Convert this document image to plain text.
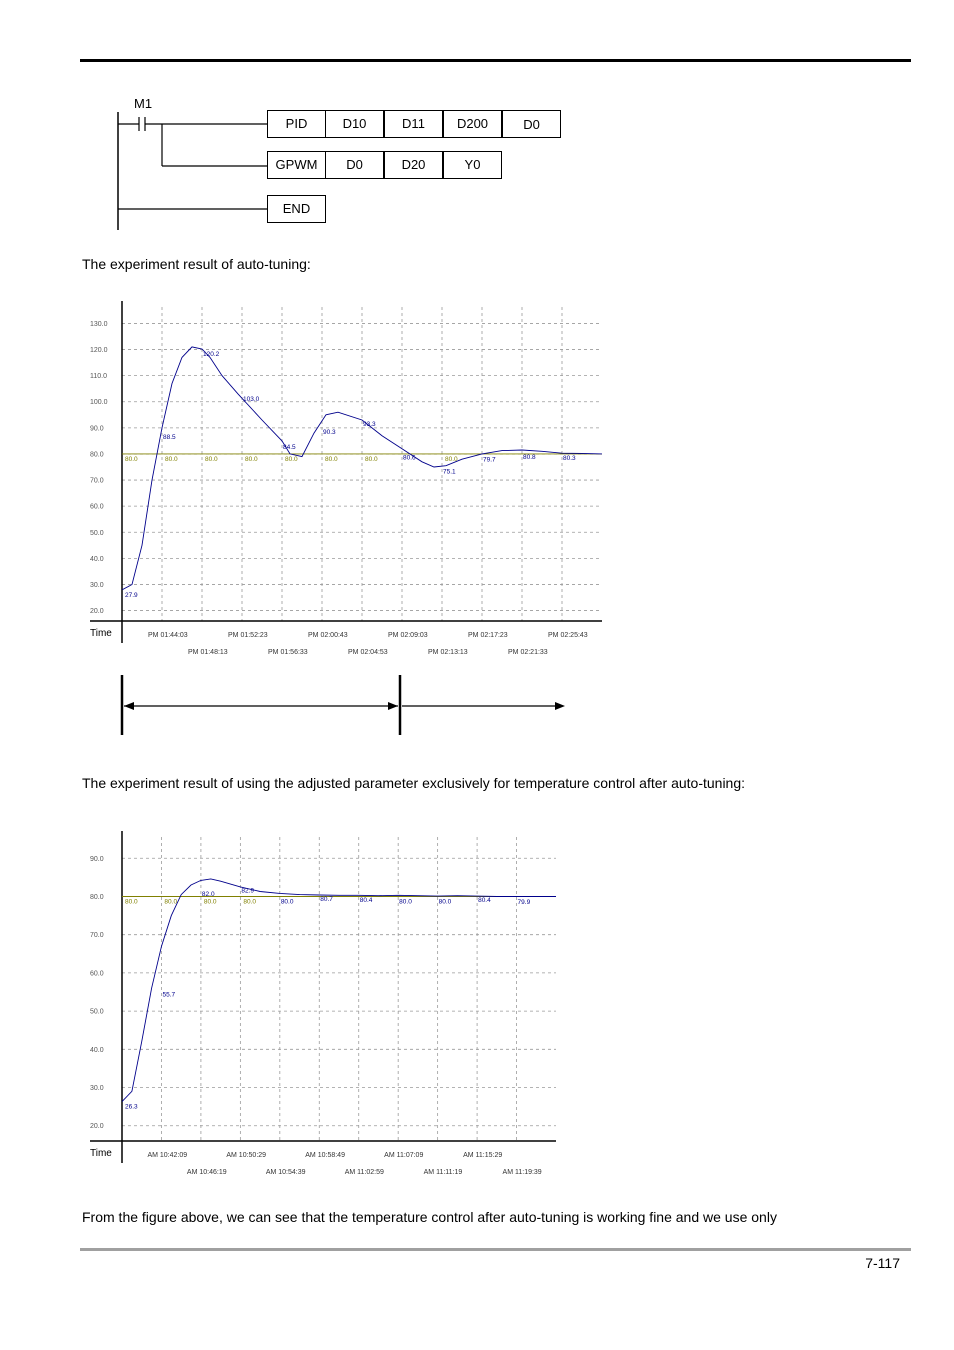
M1
PID	D10	D11	D200	D0
GPWM	D0	D20	Y0
END
The experiment result of auto-tuning:
130.0
120.0
110.0
100.0
90.0
80.0
70.0
60.0
50.0
40.0
30.0
20.0
PM 01:44:03
PM 01:48:13
PM 01:52:23
PM 01:56:33
PM 02:00:43
PM 02:04:53
PM 02:09:03
PM 02:13:13
PM 02:17:23
PM 02:21:33
PM 02:25:43
Time
80.0	80.0	80.0	80.0	80.0	80.0	80.0	80.0
27.9
88.5
120.2
103.0
84.5
90.3
93.3
80.6
75.1
79.7	80.8	80.3
The experiment result of using the adjusted parameter exclusively for temperature control after auto-tuning:
90.0
80.0
70.0
60.0
50.0
40.0
30.0
20.0
AM 10:42:09
AM 10:46:19
AM 10:50:29
AM 10:54:39
AM 10:58:49
AM 11:02:59
AM 11:07:09
AM 11:11:19
AM 11:15:29
AM 11:19:39
Time
80.0	80.0	80.0	80.0
26.3
55.7
82.0	82.9
80.0	80.7	80.4	80.0	80.0	80.4	79.9
From the figure above, we can see that the temperature control after auto-tuning is working fine and we use only
7-117
